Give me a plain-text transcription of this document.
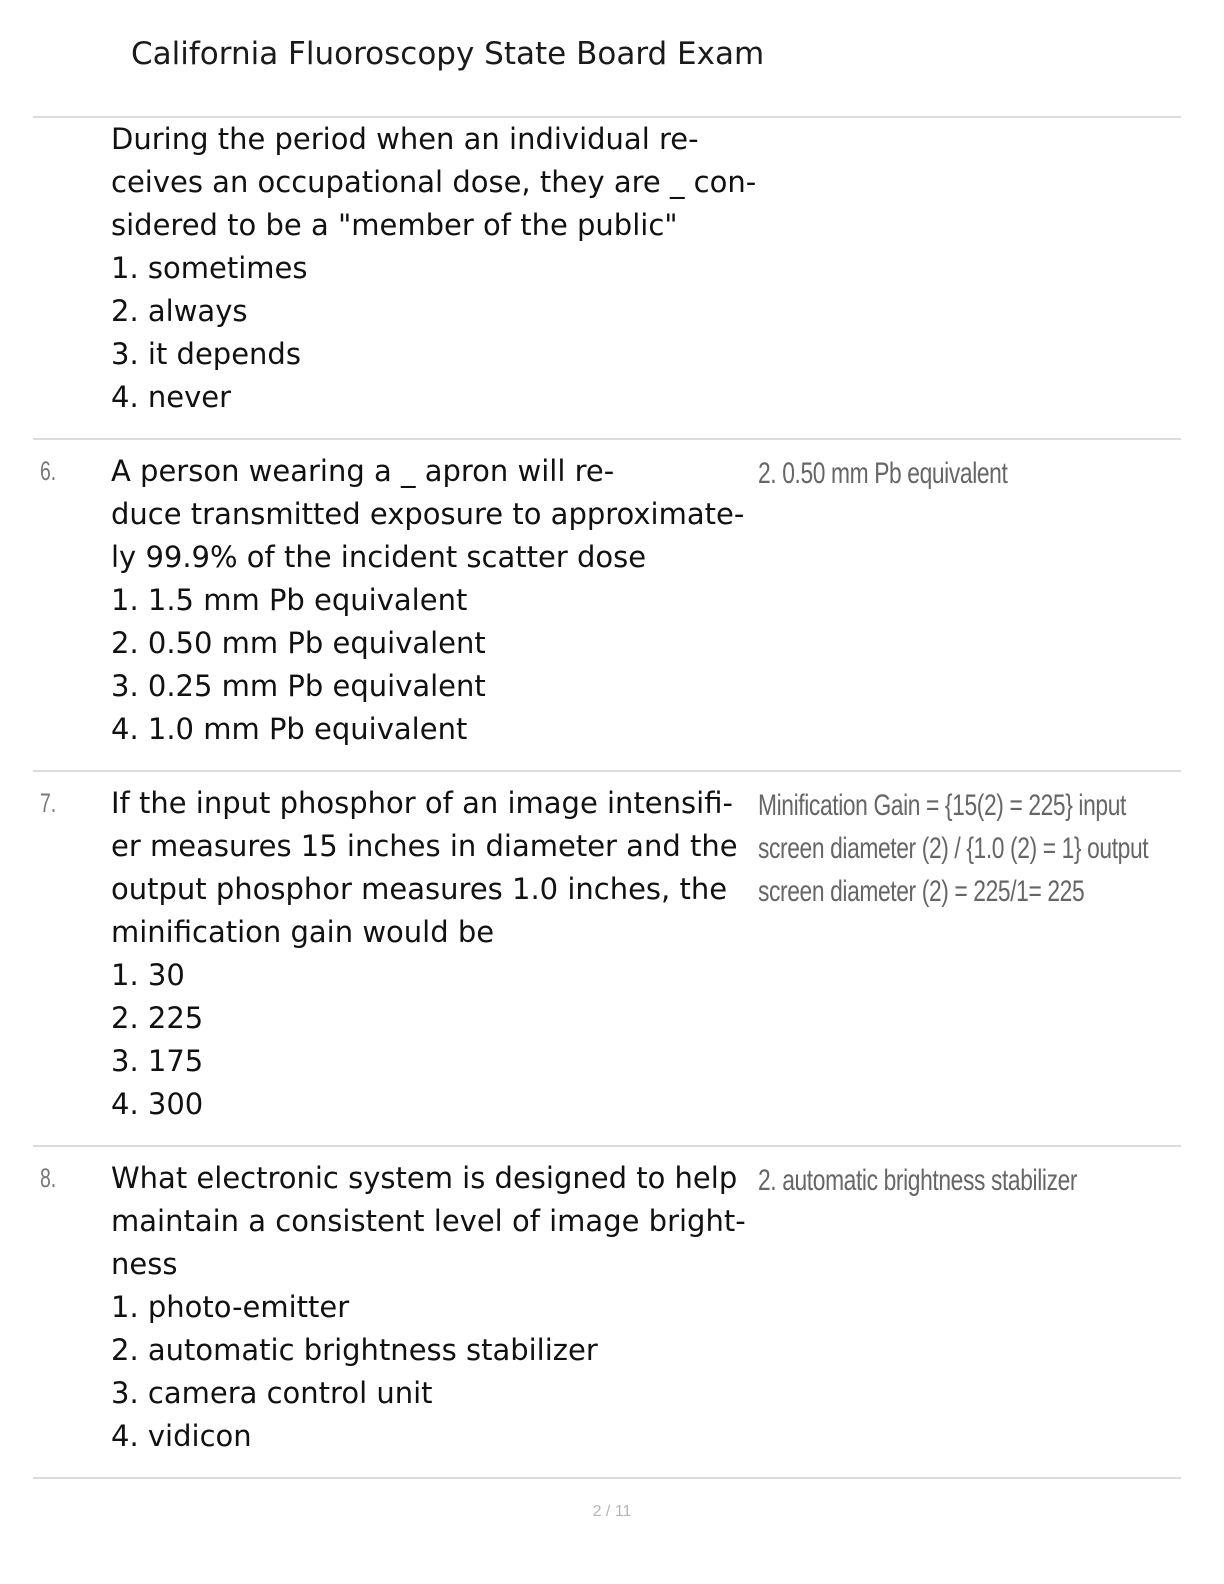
California Fluoroscopy State Board Exam
During the period when an individual re-
ceives an occupational dose, they are _ con-
sidered to be a "member of the public"
1. sometimes
2. always
3. it depends
4. never
6. A person wearing a _ apron will re-
duce transmitted exposure to approximate-
ly 99.9% of the incident scatter dose
1. 1.5 mm Pb equivalent
2. 0.50 mm Pb equivalent
3. 0.25 mm Pb equivalent
4. 1.0 mm Pb equivalent
2. 0.50 mm Pb equivalent
7. If the input phosphor of an image intensifi-
er measures 15 inches in diameter and the
output phosphor measures 1.0 inches, the
minification gain would be
1. 30
2. 225
3. 175
4. 300
Minification Gain = {15(2) = 225} input
screen diameter (2) / {1.0 (2) = 1} output
screen diameter (2) = 225/1= 225
8. What electronic system is designed to help
maintain a consistent level of image bright-
ness
1. photo-emitter
2. automatic brightness stabilizer
3. camera control unit
4. vidicon
2. automatic brightness stabilizer
2 / 11
